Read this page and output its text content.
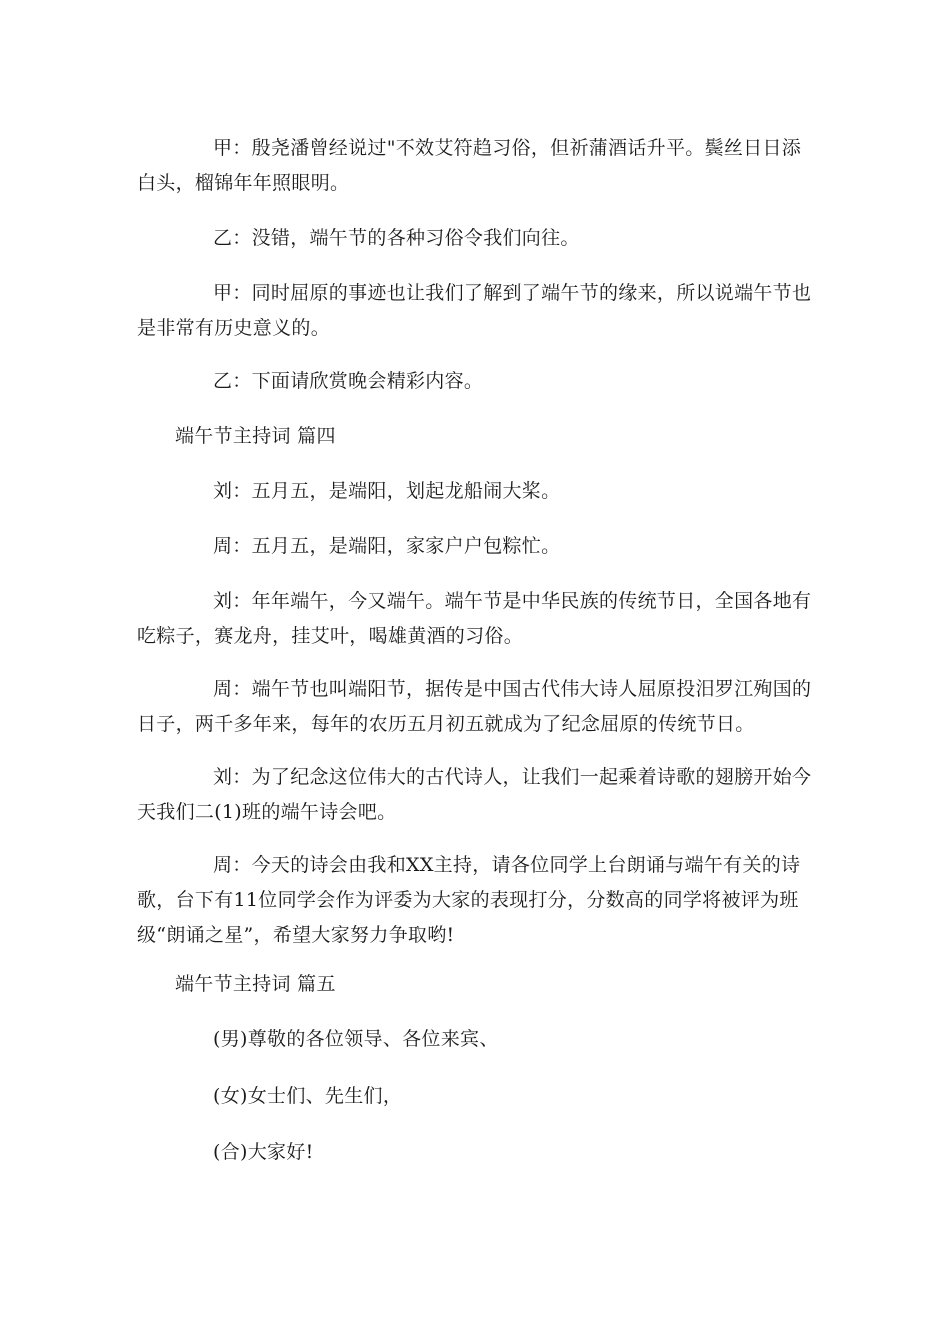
甲：殷尧潘曾经说过"不效艾符趋习俗，但祈蒲酒话升平。鬓丝日日添白头，榴锦年年照眼明。

乙：没错，端午节的各种习俗令我们向往。

甲：同时屈原的事迹也让我们了解到了端午节的缘来，所以说端午节也是非常有历史意义的。

乙：下面请欣赏晚会精彩内容。

端午节主持词 篇四

刘：五月五，是端阳，划起龙船闹大桨。

周：五月五，是端阳，家家户户包粽忙。

刘：年年端午，今又端午。端午节是中华民族的传统节日，全国各地有吃粽子，赛龙舟，挂艾叶，喝雄黄酒的习俗。

周：端午节也叫端阳节，据传是中国古代伟大诗人屈原投汨罗江殉国的日子，两千多年来，每年的农历五月初五就成为了纪念屈原的传统节日。

刘：为了纪念这位伟大的古代诗人，让我们一起乘着诗歌的翅膀开始今天我们二(1)班的端午诗会吧。

周：今天的诗会由我和XX主持，请各位同学上台朗诵与端午有关的诗歌，台下有11位同学会作为评委为大家的表现打分，分数高的同学将被评为班级“朗诵之星”，希望大家努力争取哟!

端午节主持词 篇五

(男)尊敬的各位领导、各位来宾、

(女)女士们、先生们，

(合)大家好!
